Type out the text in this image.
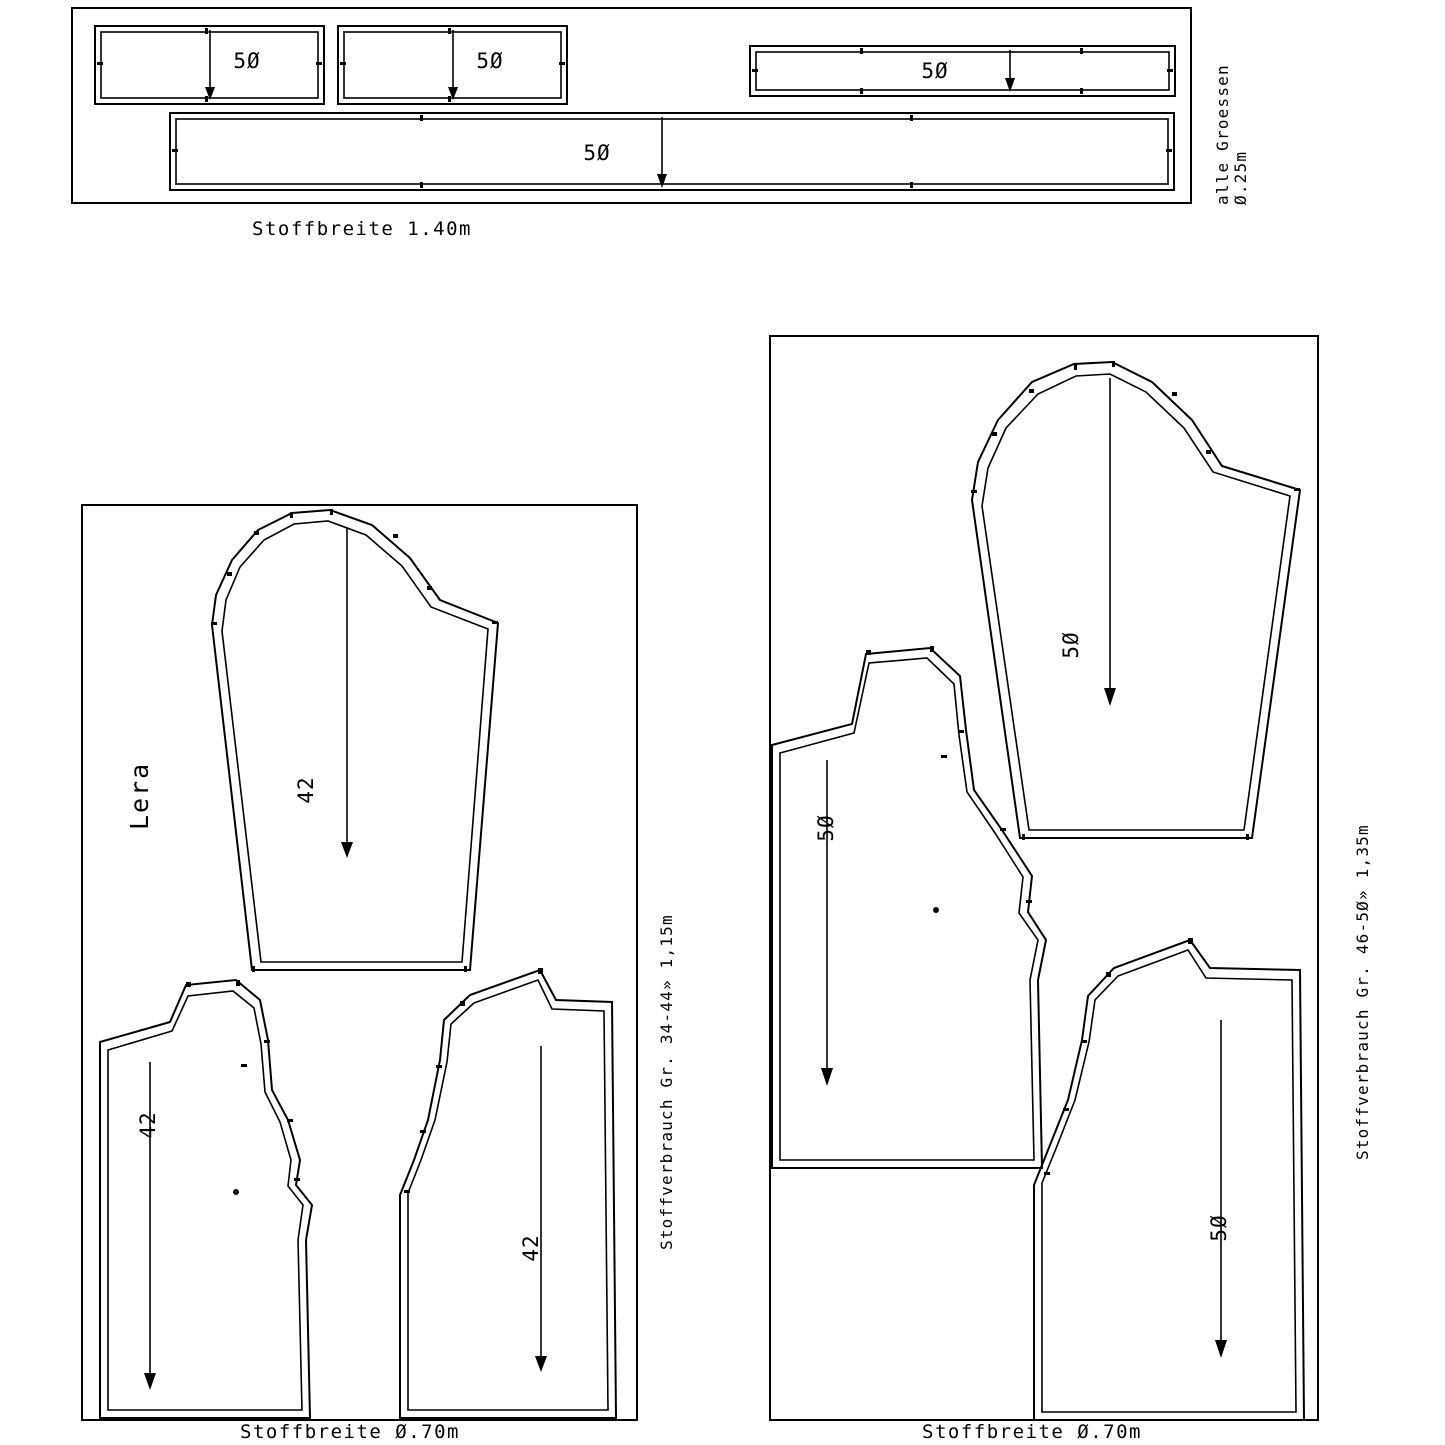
5Ø	5Ø	5Ø
5Ø
Stoffbreite 1.40m
alle Groessen Ø.25m
Lera	42
42
42
Stoffbreite Ø.70m
Stoffverbrauch Gr. 34-44» 1,15m
5Ø
5Ø
5Ø
Stoffbreite Ø.70m
Stoffverbrauch Gr. 46-5Ø» 1,35m
